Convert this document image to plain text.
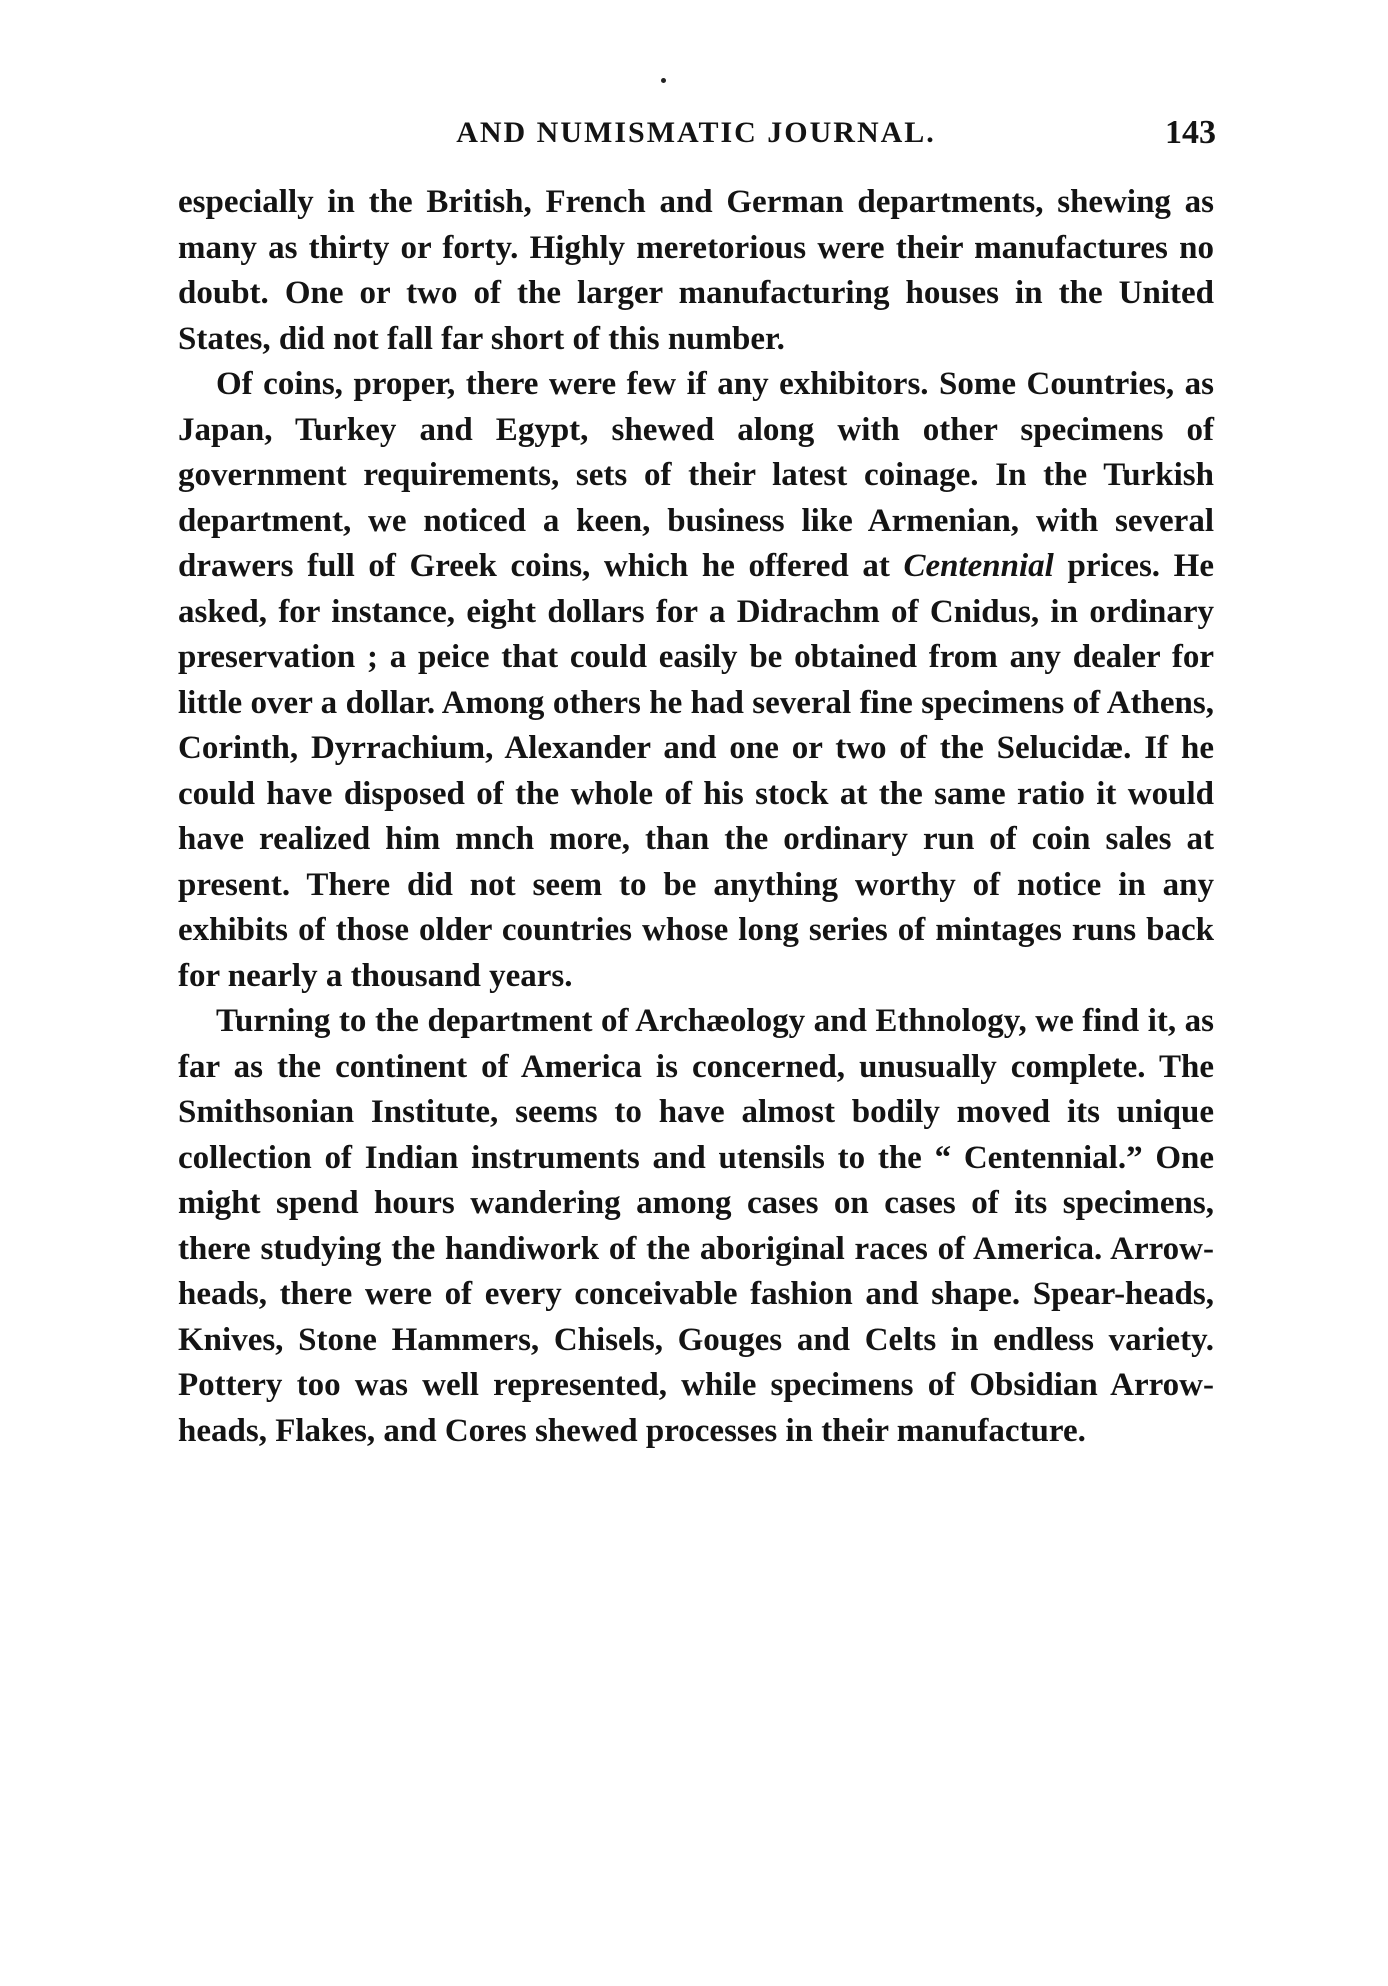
AND NUMISMATIC JOURNAL.	143

especially in the British, French and German departments, shewing as many as thirty or forty. Highly meretorious were their manufactures no doubt. One or two of the larger manufacturing houses in the United States, did not fall far short of this number.

Of coins, proper, there were few if any exhibitors. Some Countries, as Japan, Turkey and Egypt, shewed along with other specimens of government requirements, sets of their latest coinage. In the Turkish department, we noticed a keen, business like Armenian, with several drawers full of Greek coins, which he offered at Centennial prices. He asked, for instance, eight dollars for a Didrachm of Cnidus, in ordinary preservation ; a peice that could easily be obtained from any dealer for little over a dollar. Among others he had several fine specimens of Athens, Corinth, Dyrrachium, Alexander and one or two of the Selucidæ. If he could have disposed of the whole of his stock at the same ratio it would have realized him mnch more, than the ordinary run of coin sales at present. There did not seem to be anything worthy of notice in any exhibits of those older countries whose long series of mintages runs back for nearly a thousand years.

Turning to the department of Archæology and Ethnology, we find it, as far as the continent of America is concerned, unusually complete. The Smithsonian Institute, seems to have almost bodily moved its unique collection of Indian instruments and utensils to the “ Centennial.” One might spend hours wandering among cases on cases of its specimens, there studying the handiwork of the aboriginal races of America. Arrow-heads, there were of every conceivable fashion and shape. Spear-heads, Knives, Stone Hammers, Chisels, Gouges and Celts in endless variety. Pottery too was well represented, while specimens of Obsidian Arrow-heads, Flakes, and Cores shewed processes in their manufacture.
